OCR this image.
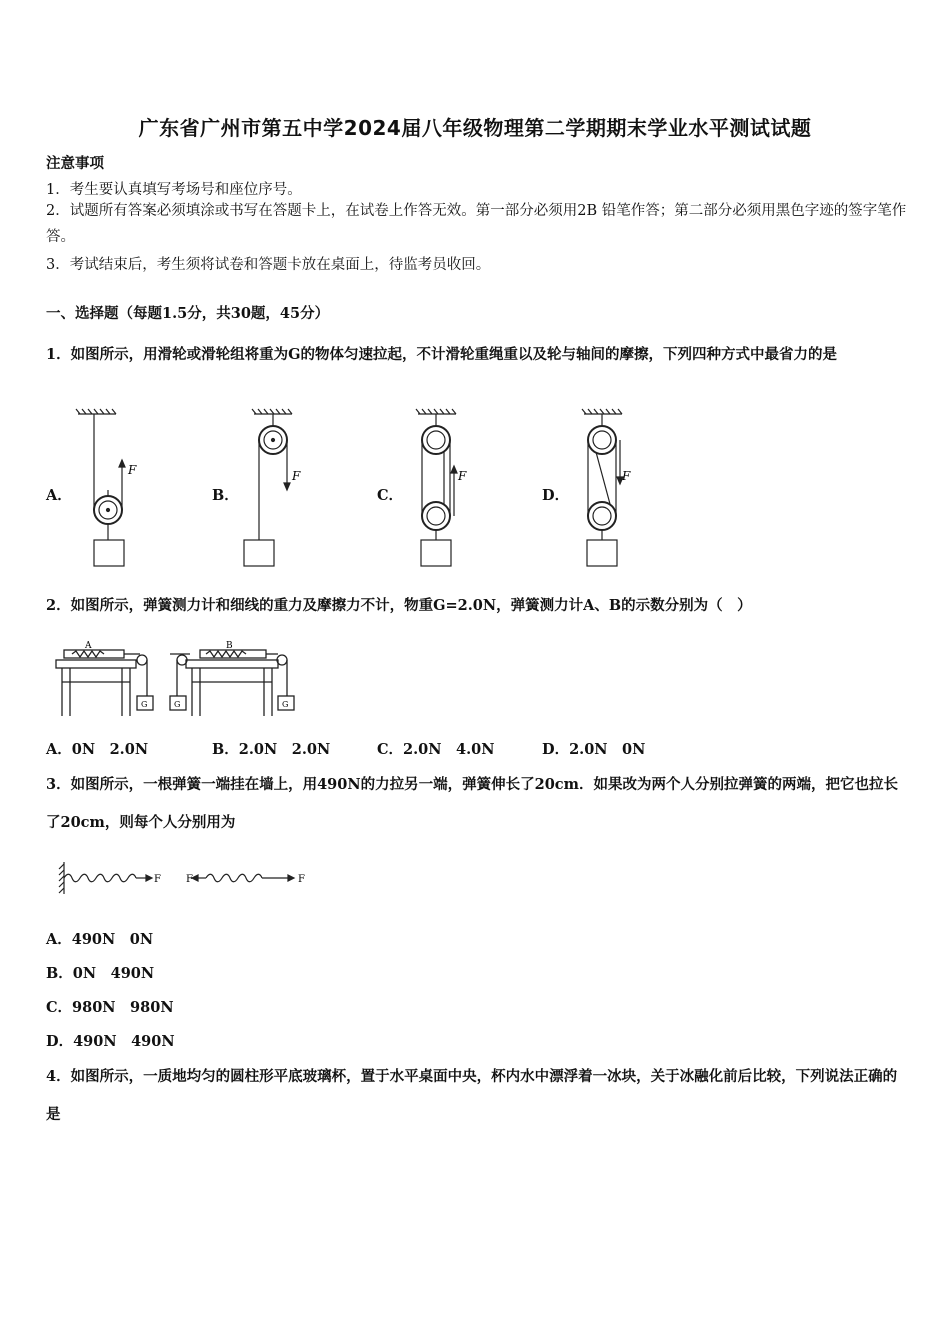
广东省广州市第五中学2024届八年级物理第二学期期末学业水平测试试题
注意事项
1．考生要认真填写考场号和座位序号。
2．试题所有答案必须填涂或书写在答题卡上，在试卷上作答无效。第一部分必须用2B 铅笔作答；第二部分必须用黑色字迹的签字笔作答。
3．考试结束后，考生须将试卷和答题卡放在桌面上，待监考员收回。
一、选择题（每题1.5分，共30题，45分）
1．如图所示，用滑轮或滑轮组将重为G的物体匀速拉起，不计滑轮重绳重以及轮与轴间的摩擦，下列四种方式中最省力的是
A．	B．	C．	D．
F	F	F	F
2．如图所示，弹簧测力计和细线的重力及摩擦力不计，物重G=2.0N，弹簧测力计A、B的示数分别为（　）
A	B
G	G	G
A．0N　2.0N	B．2.0N　2.0N	C．2.0N　4.0N	D．2.0N　0N
3．如图所示，一根弹簧一端挂在墙上，用490N的力拉另一端，弹簧伸长了20cm．如果改为两个人分别拉弹簧的两端，把它也拉长了20cm，则每个人分别用为
F	F	F
A．490N　0N
B．0N　490N
C．980N　980N
D．490N　490N
4．如图所示，一质地均匀的圆柱形平底玻璃杯，置于水平桌面中央，杯内水中漂浮着一冰块，关于冰融化前后比较，下列说法正确的是
